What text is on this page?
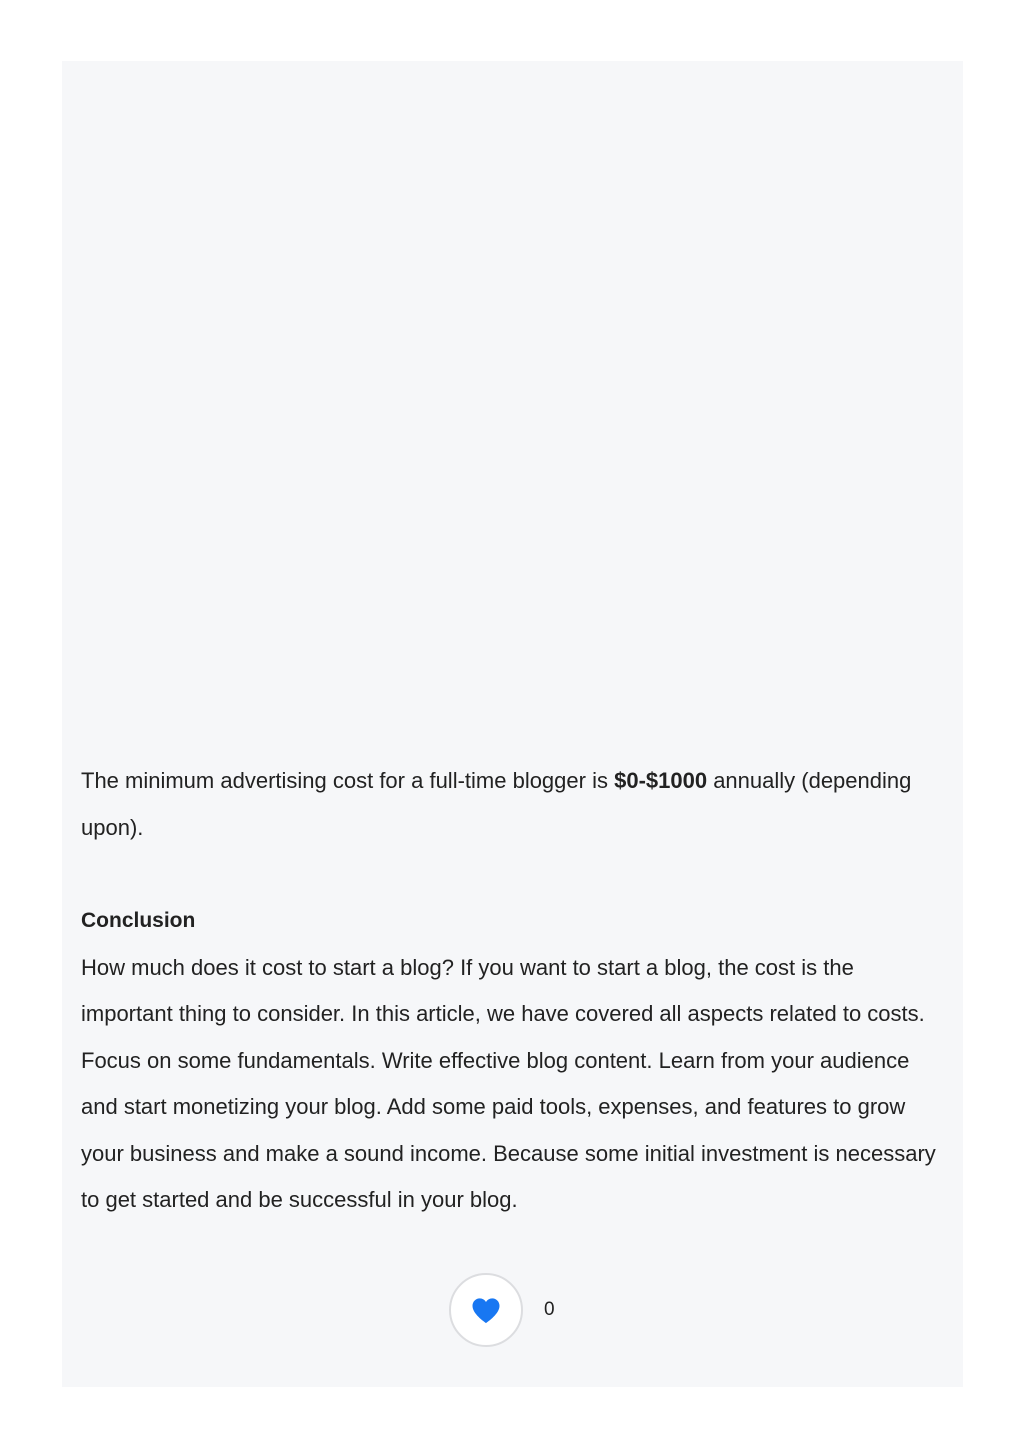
The minimum advertising cost for a full-time blogger is $0-$1000 annually (depending upon).

Conclusion

How much does it cost to start a blog? If you want to start a blog, the cost is the important thing to consider. In this article, we have covered all aspects related to costs. Focus on some fundamentals. Write effective blog content. Learn from your audience and start monetizing your blog. Add some paid tools, expenses, and features to grow your business and make a sound income. Because some initial investment is necessary to get started and be successful in your blog.

0
